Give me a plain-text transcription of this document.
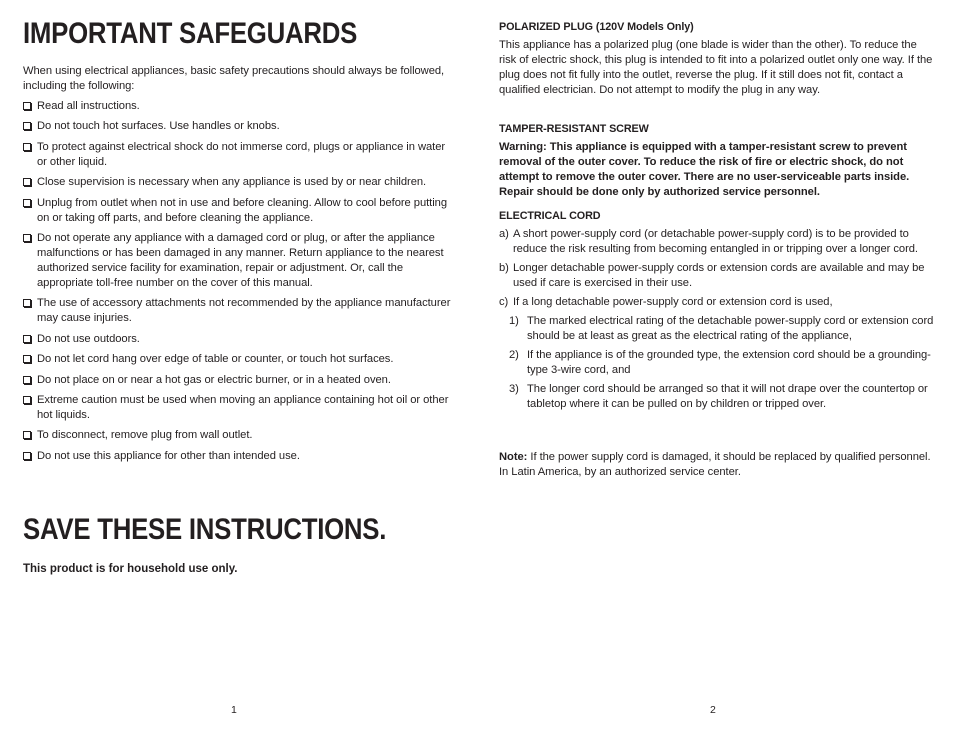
IMPORTANT SAFEGUARDS
When using electrical appliances, basic safety precautions should always be followed, including the following:
Read all instructions.
Do not touch hot surfaces. Use handles or knobs.
To protect against electrical shock do not immerse cord, plugs or appliance in water or other liquid.
Close supervision is necessary when any appliance is used by or near children.
Unplug from outlet when not in use and before cleaning. Allow to cool before putting on or taking off parts, and before cleaning the appliance.
Do not operate any appliance with a damaged cord or plug, or after the appliance malfunctions or has been damaged in any manner. Return appliance to the nearest authorized service facility for examination, repair or adjustment. Or, call the appropriate toll-free number on the cover of this manual.
The use of accessory attachments not recommended by the appliance manufacturer may cause injuries.
Do not use outdoors.
Do not let cord hang over edge of table or counter, or touch hot surfaces.
Do not place on or near a hot gas or electric burner, or in a heated oven.
Extreme caution must be used when moving an appliance containing hot oil or other hot liquids.
To disconnect, remove plug from wall outlet.
Do not use this appliance for other than intended use.
SAVE THESE INSTRUCTIONS.
This product is for household use only.
1
POLARIZED PLUG (120V Models Only)
This appliance has a polarized plug (one blade is wider than the other). To reduce the risk of electric shock, this plug is intended to fit into a polarized outlet only one way. If the plug does not fit fully into the outlet, reverse the plug. If it still does not fit, contact a qualified electrician. Do not attempt to modify the plug in any way.
TAMPER-RESISTANT SCREW
Warning: This appliance is equipped with a tamper-resistant screw to prevent removal of the outer cover. To reduce the risk of fire or electric shock, do not attempt to remove the outer cover. There are no user-serviceable parts inside. Repair should be done only by authorized service personnel.
ELECTRICAL CORD
a) A short power-supply cord (or detachable power-supply cord) is to be provided to reduce the risk resulting from becoming entangled in or tripping over a longer cord.
b) Longer detachable power-supply cords or extension cords are available and may be used if care is exercised in their use.
c) If a long detachable power-supply cord or extension cord is used,
1) The marked electrical rating of the detachable power-supply cord or extension cord should be at least as great as the electrical rating of the appliance,
2) If the appliance is of the grounded type, the extension cord should be a grounding-type 3-wire cord, and
3) The longer cord should be arranged so that it will not drape over the countertop or tabletop where it can be pulled on by children or tripped over.
Note: If the power supply cord is damaged, it should be replaced by qualified personnel. In Latin America, by an authorized service center.
2
